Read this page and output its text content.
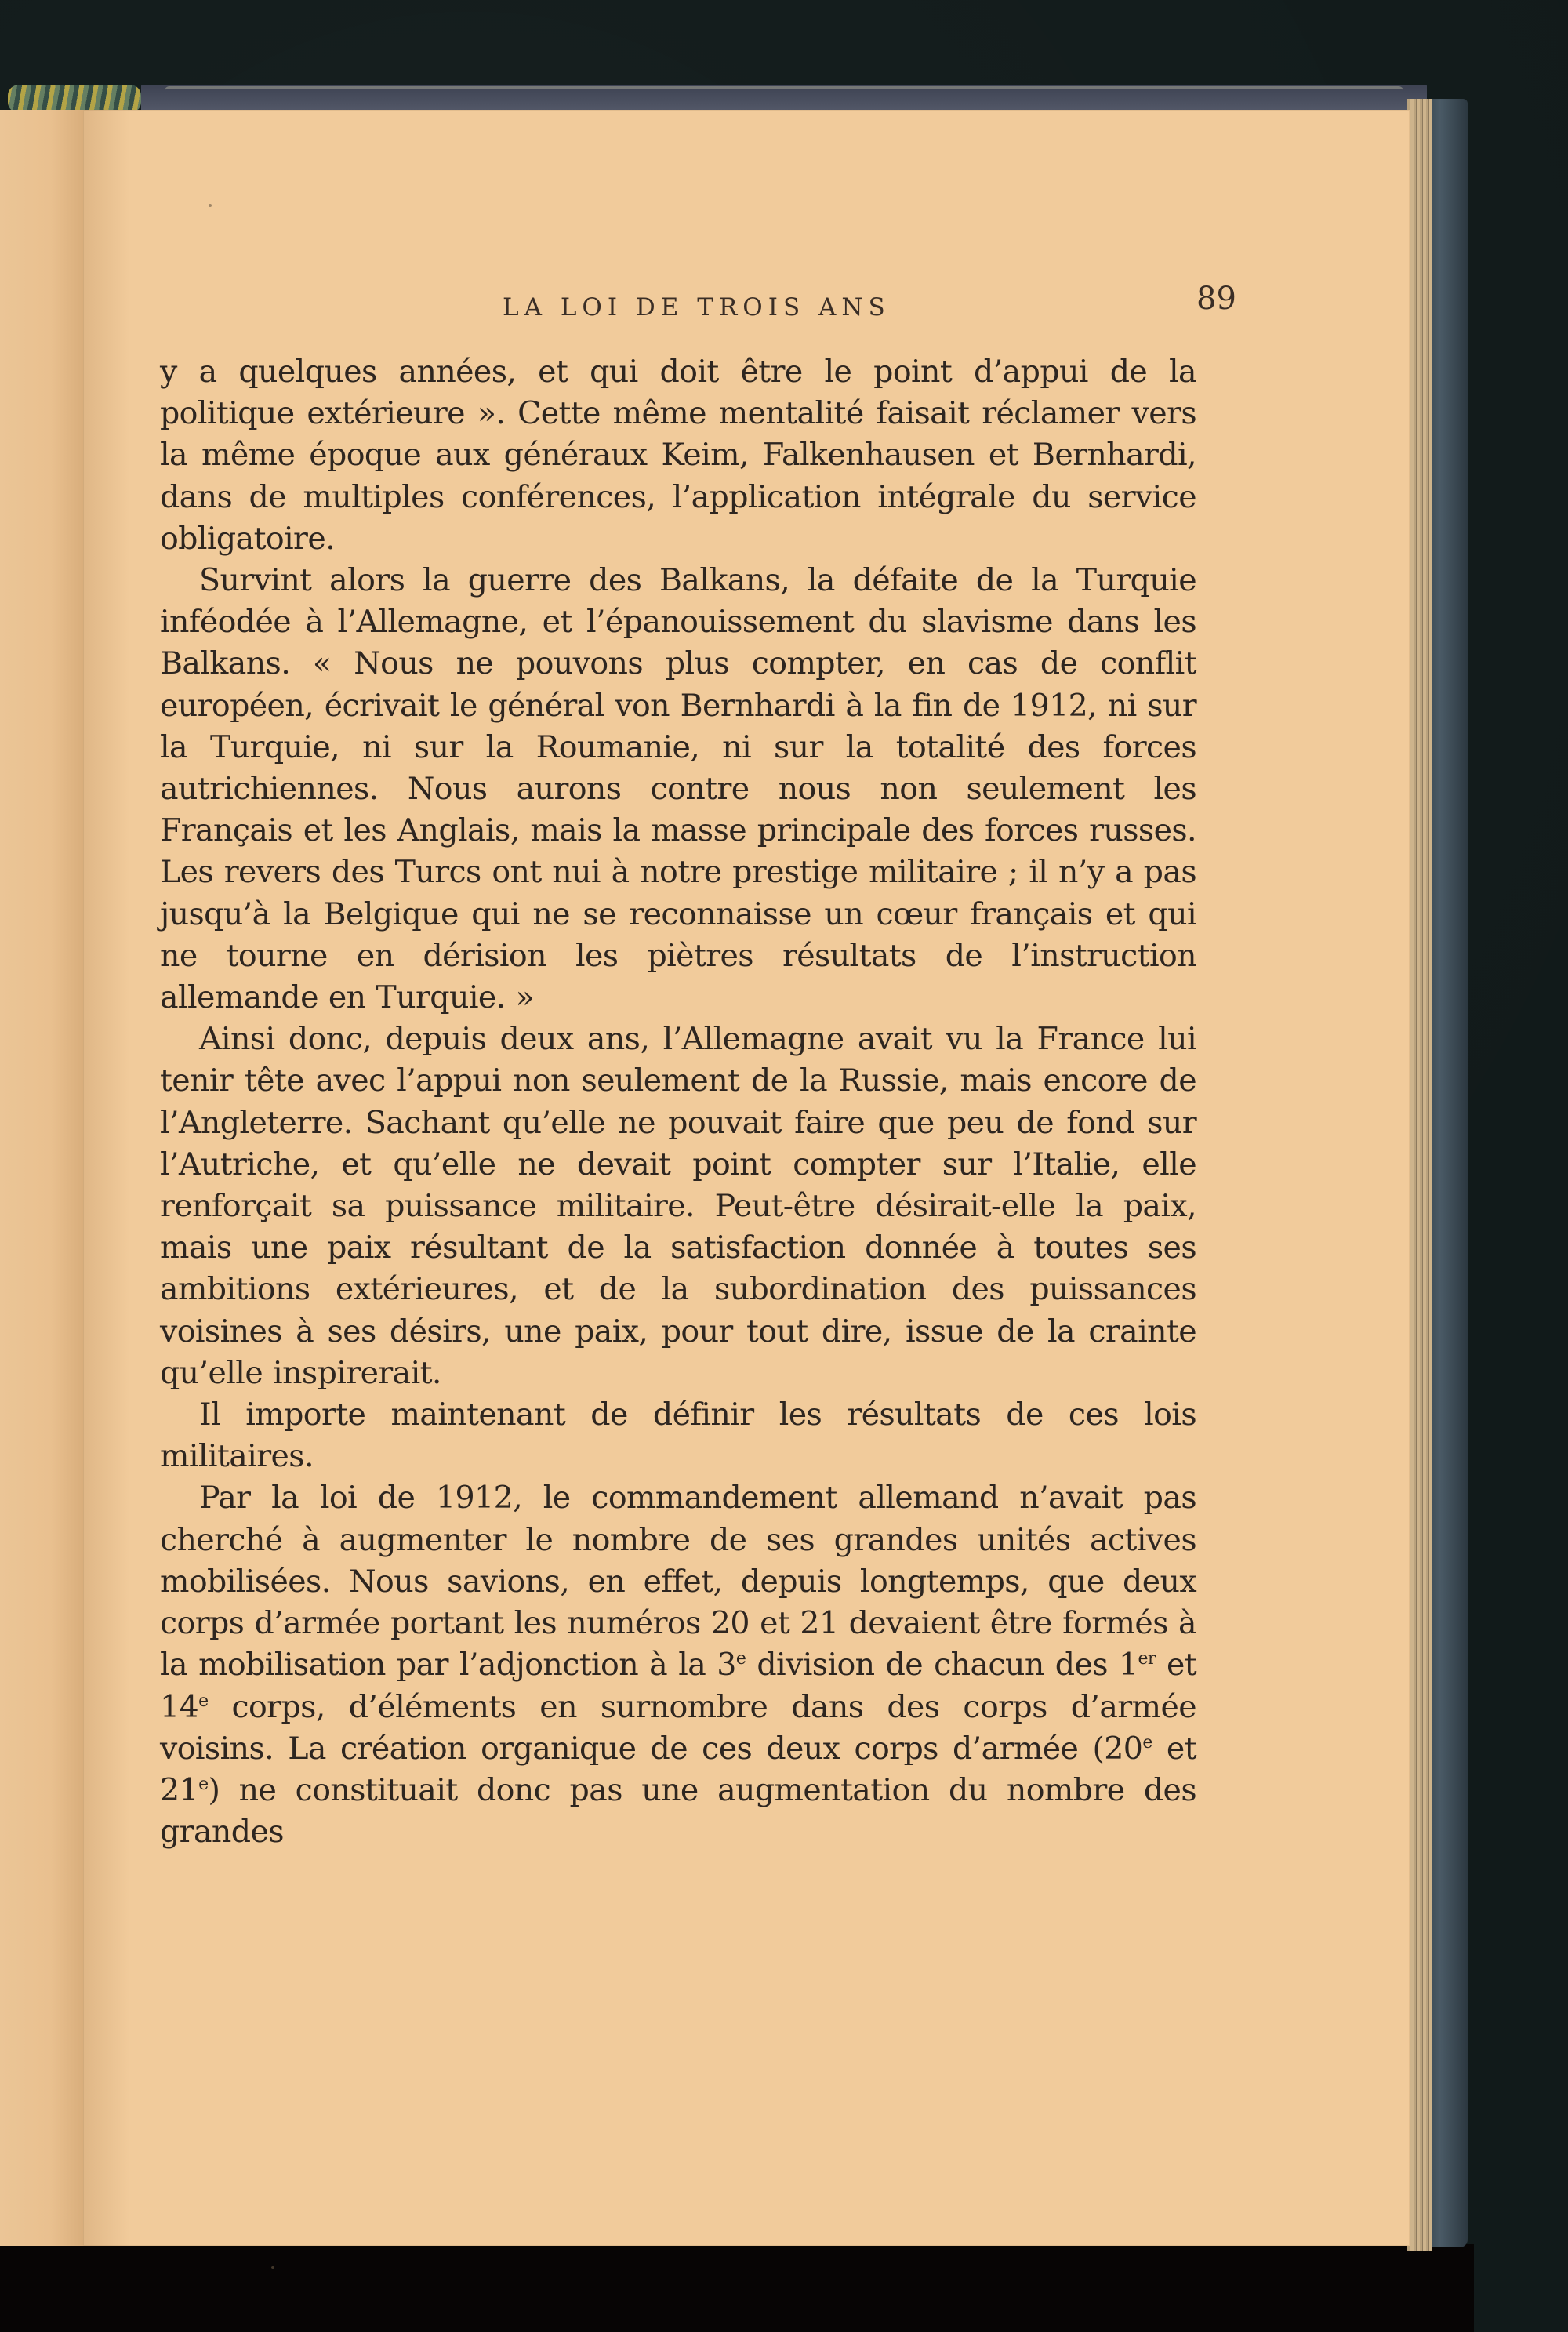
LA LOI DE TROIS ANS	89

y a quelques années, et qui doit être le point d’appui de la politique extérieure ». Cette même mentalité faisait réclamer vers la même époque aux généraux Keim, Falkenhausen et Bernhardi, dans de multiples conférences, l’application intégrale du service obligatoire.

Survint alors la guerre des Balkans, la défaite de la Turquie inféodée à l’Allemagne, et l’épanouissement du slavisme dans les Balkans. « Nous ne pouvons plus compter, en cas de conflit européen, écrivait le général von Bernhardi à la fin de 1912, ni sur la Turquie, ni sur la Roumanie, ni sur la totalité des forces autrichiennes. Nous aurons contre nous non seulement les Français et les Anglais, mais la masse principale des forces russes. Les revers des Turcs ont nui à notre prestige militaire ; il n’y a pas jusqu’à la Belgique qui ne se reconnaisse un cœur français et qui ne tourne en dérision les piètres résultats de l’instruction allemande en Turquie. »

Ainsi donc, depuis deux ans, l’Allemagne avait vu la France lui tenir tête avec l’appui non seulement de la Russie, mais encore de l’Angleterre. Sachant qu’elle ne pouvait faire que peu de fond sur l’Autriche, et qu’elle ne devait point compter sur l’Italie, elle renforçait sa puissance militaire. Peut-être désirait-elle la paix, mais une paix résultant de la satisfaction donnée à toutes ses ambitions extérieures, et de la subordination des puissances voisines à ses désirs, une paix, pour tout dire, issue de la crainte qu’elle inspirerait.

Il importe maintenant de définir les résultats de ces lois militaires.

Par la loi de 1912, le commandement allemand n’avait pas cherché à augmenter le nombre de ses grandes unités actives mobilisées. Nous savions, en effet, depuis longtemps, que deux corps d’armée portant les numéros 20 et 21 devaient être formés à la mobilisation par l’adjonction à la 3e division de chacun des 1er et 14e corps, d’éléments en surnombre dans des corps d’armée voisins. La création organique de ces deux corps d’armée (20e et 21e) ne constituait donc pas une augmentation du nombre des grandes
